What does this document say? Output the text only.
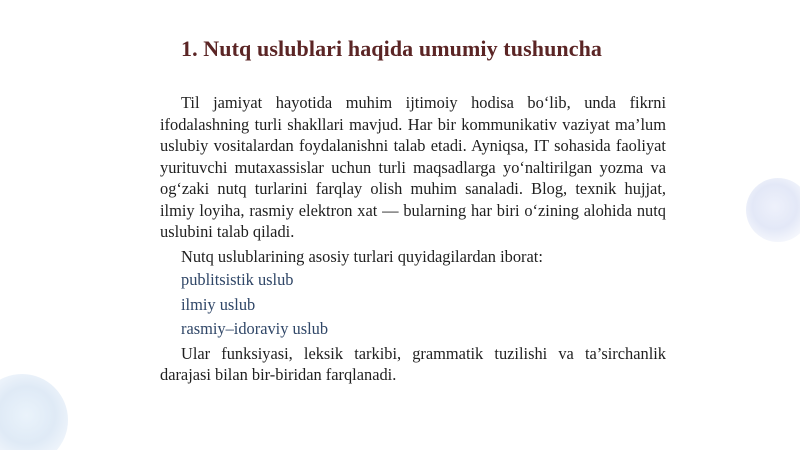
1. Nutq uslublari haqida umumiy tushuncha

Til jamiyat hayotida muhim ijtimoiy hodisa bo‘lib, unda fikrni ifodalashning turli shakllari mavjud. Har bir kommunikativ vaziyat ma’lum uslubiy vositalardan foydalanishni talab etadi. Ayniqsa, IT sohasida faoliyat yurituvchi mutaxassislar uchun turli maqsadlarga yo‘naltirilgan yozma va og‘zaki nutq turlarini farqlay olish muhim sanaladi. Blog, texnik hujjat, ilmiy loyiha, rasmiy elektron xat — bularning har biri o‘zining alohida nutq uslubini talab qiladi.

Nutq uslublarining asosiy turlari quyidagilardan iborat:

publitsistik uslub
ilmiy uslub
rasmiy–idoraviy uslub

Ular funksiyasi, leksik tarkibi, grammatik tuzilishi va ta’sirchanlik darajasi bilan bir-biridan farqlanadi.
